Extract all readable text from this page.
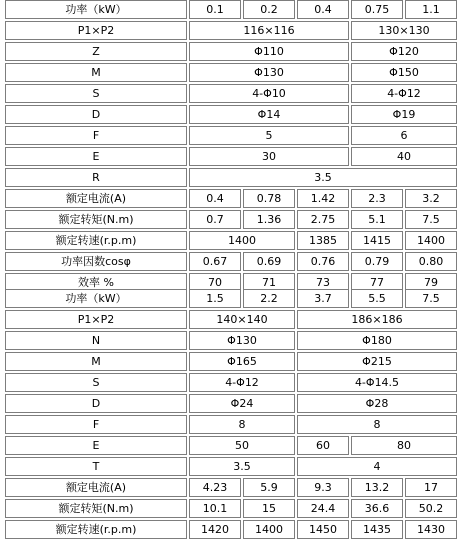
功率（kW）	0.1	0.2	0.4	0.75	1.1
P1×P2	116×116			130×130	
Z	Φ110			Φ120	
M	Φ130			Φ150	
S	4-Φ10			4-Φ12	
D	Φ14			Φ19	
F	5			6	
E	30			40	
R	3.5				
额定电流(A)	0.4	0.78	1.42	2.3	3.2
额定转矩(N.m)	0.7	1.36	2.75	5.1	7.5
额定转速(r.p.m)	1400		1385	1415	1400
功率因数cosφ	0.67	0.69	0.76	0.79	0.80
效率 %	70	71	73	77	79
功率（kW）	1.5	2.2	3.7	5.5	7.5
P1×P2	140×140		186×186		
N	Φ130		Φ180		
M	Φ165		Φ215		
S	4-Φ12		4-Φ14.5		
D	Φ24		Φ28		
F	8		8		
E	50		60	80	
T	3.5		4		
额定电流(A)	4.23	5.9	9.3	13.2	17
额定转矩(N.m)	10.1	15	24.4	36.6	50.2
额定转速(r.p.m)	1420	1400	1450	1435	1430
